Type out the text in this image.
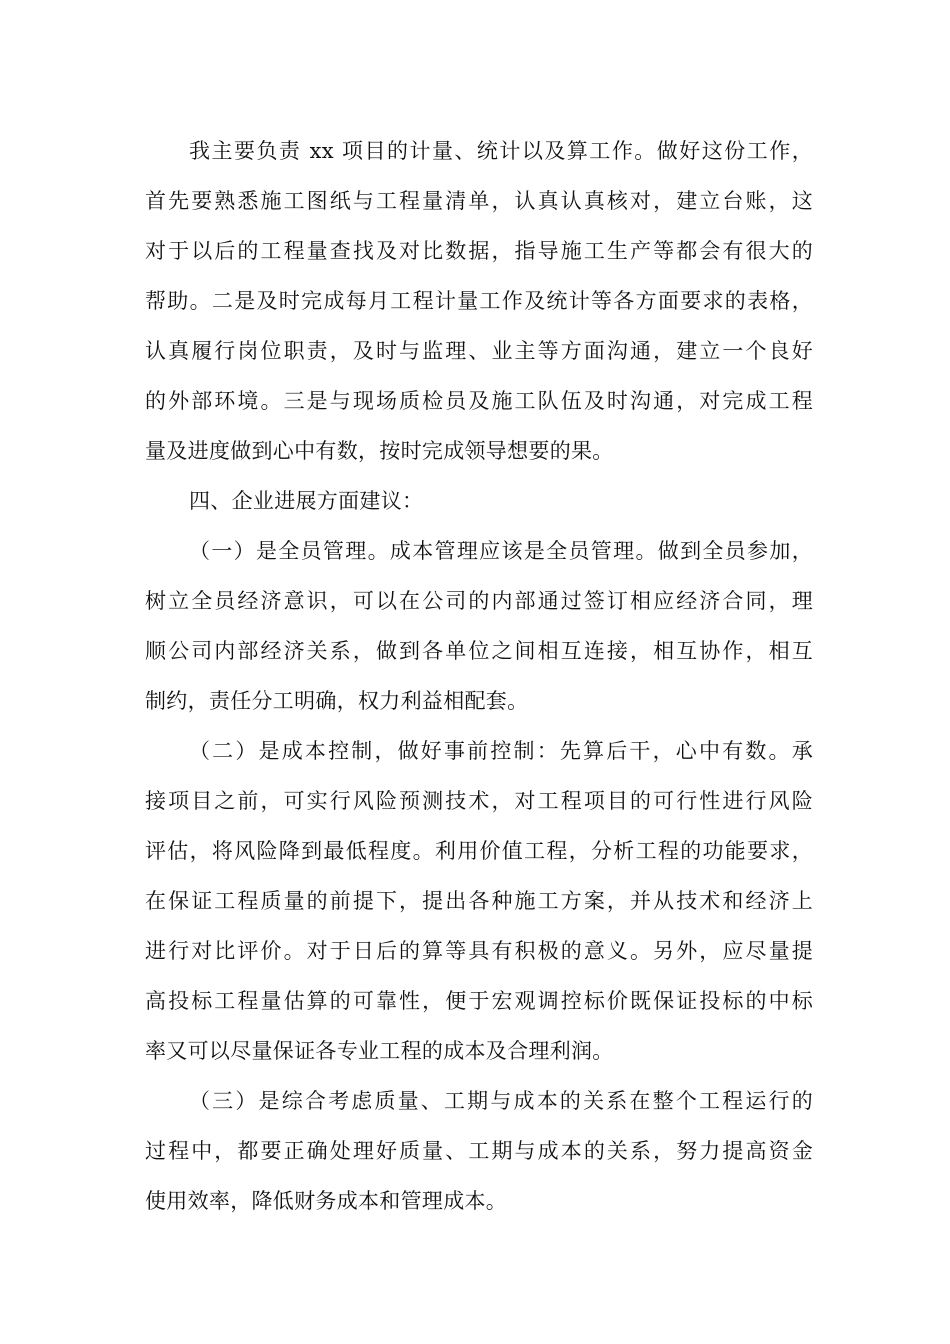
我主要负责 xx 项目的计量、统计以及算工作。做好这份工作，
首先要熟悉施工图纸与工程量清单，认真认真核对，建立台账，这
对于以后的工程量查找及对比数据，指导施工生产等都会有很大的
帮助。二是及时完成每月工程计量工作及统计等各方面要求的表格，
认真履行岗位职责，及时与监理、业主等方面沟通，建立一个良好
的外部环境。三是与现场质检员及施工队伍及时沟通，对完成工程
量及进度做到心中有数，按时完成领导想要的果。
四、企业进展方面建议：
（一）是全员管理。成本管理应该是全员管理。做到全员参加，
树立全员经济意识，可以在公司的内部通过签订相应经济合同，理
顺公司内部经济关系，做到各单位之间相互连接，相互协作，相互
制约，责任分工明确，权力利益相配套。
（二）是成本控制，做好事前控制：先算后干，心中有数。承
接项目之前，可实行风险预测技术，对工程项目的可行性进行风险
评估，将风险降到最低程度。利用价值工程，分析工程的功能要求，
在保证工程质量的前提下，提出各种施工方案，并从技术和经济上
进行对比评价。对于日后的算等具有积极的意义。另外，应尽量提
高投标工程量估算的可靠性，便于宏观调控标价既保证投标的中标
率又可以尽量保证各专业工程的成本及合理利润。
（三）是综合考虑质量、工期与成本的关系在整个工程运行的
过程中，都要正确处理好质量、工期与成本的关系，努力提高资金
使用效率，降低财务成本和管理成本。
